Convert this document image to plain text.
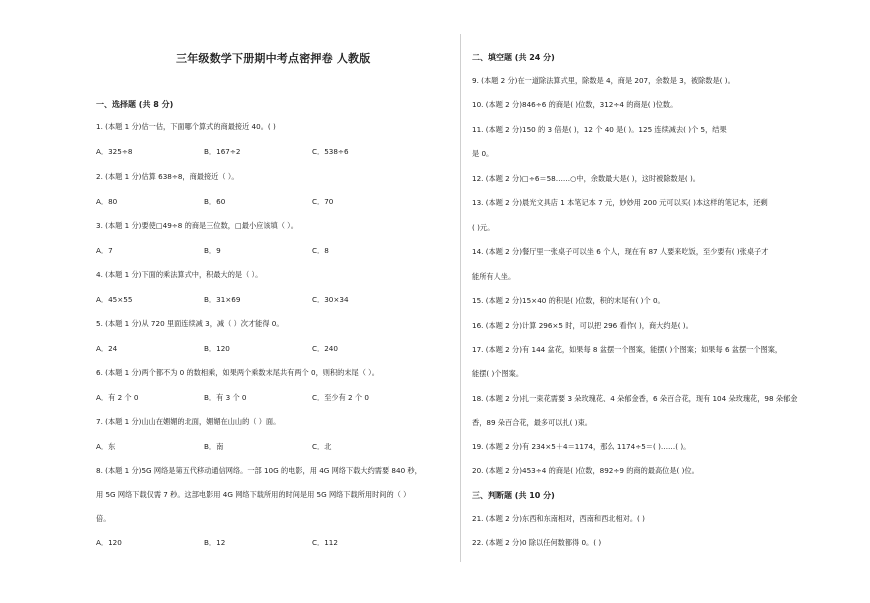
三年级数学下册期中考点密押卷 人教版
一、选择题 (共 8 分)
1. (本题 1 分)估一估，下面哪个算式的商最接近 40。( )
A．325÷8	B．167÷2	C．538÷6
2. (本题 1 分)估算 638÷8，商最接近（ ）。
A．80	B．60	C．70
3. (本题 1 分)要使□49÷8 的商是三位数，□最小应该填（ ）。
A．7	B．9	C．8
4. (本题 1 分)下面的乘法算式中，积最大的是（ ）。
A．45×55	B．31×69	C．30×34
5. (本题 1 分)从 720 里面连续减 3，减（ ）次才能得 0。
A．24	B．120	C．240
6. (本题 1 分)两个都不为 0 的数相乘，如果两个乘数末尾共有两个 0，则积的末尾（ ）。
A．有 2 个 0	B．有 3 个 0	C．至少有 2 个 0
7. (本题 1 分)山山在媚媚的北面，媚媚在山山的（ ）面。
A．东	B．南	C．北
8. (本题 1 分)5G 网络是第五代移动通信网络。一部 10G 的电影，用 4G 网络下载大约需要 840 秒，
用 5G 网络下载仅需 7 秒。这部电影用 4G 网络下载所用的时间是用 5G 网络下载所用时间的（ ）
倍。
A．120	B．12	C．112
二、填空题 (共 24 分)
9. (本题 2 分)在一道除法算式里，除数是 4，商是 207，余数是 3，被除数是( )。
10. (本题 2 分)846÷6 的商是( )位数，312÷4 的商是( )位数。
11. (本题 2 分)150 的 3 倍是( )，12 个 40 是( )。125 连续减去( )个 5，结果
是 0。
12. (本题 2 分)□÷6＝58……○中，余数最大是( )，这时被除数是( )。
13. (本题 2 分)晨光文具店 1 本笔记本 7 元，妙妙用 200 元可以买( )本这样的笔记本，还剩
( )元。
14. (本题 2 分)餐厅里一张桌子可以坐 6 个人，现在有 87 人要来吃饭，至少要有( )张桌子才
能所有人坐。
15. (本题 2 分)15×40 的积是( )位数，积的末尾有( )个 0。
16. (本题 2 分)计算 296×5 时，可以把 296 看作( )，商大约是( )。
17. (本题 2 分)有 144 盆花，如果每 8 盆摆一个图案，能摆( )个图案；如果每 6 盆摆一个图案，
能摆( )个图案。
18. (本题 2 分)扎一束花需要 3 朵玫瑰花、4 朵郁金香，6 朵百合花，现有 104 朵玫瑰花，98 朵郁金
香，89 朵百合花，最多可以扎( )束。
19. (本题 2 分)有 234×5＋4＝1174，那么 1174÷5＝( )……( )。
20. (本题 2 分)453÷4 的商是( )位数，892÷9 的商的最高位是( )位。
三、判断题 (共 10 分)
21. (本题 2 分)东西和东南相对，西南和西北相对。( )
22. (本题 2 分)0 除以任何数都得 0。( )
